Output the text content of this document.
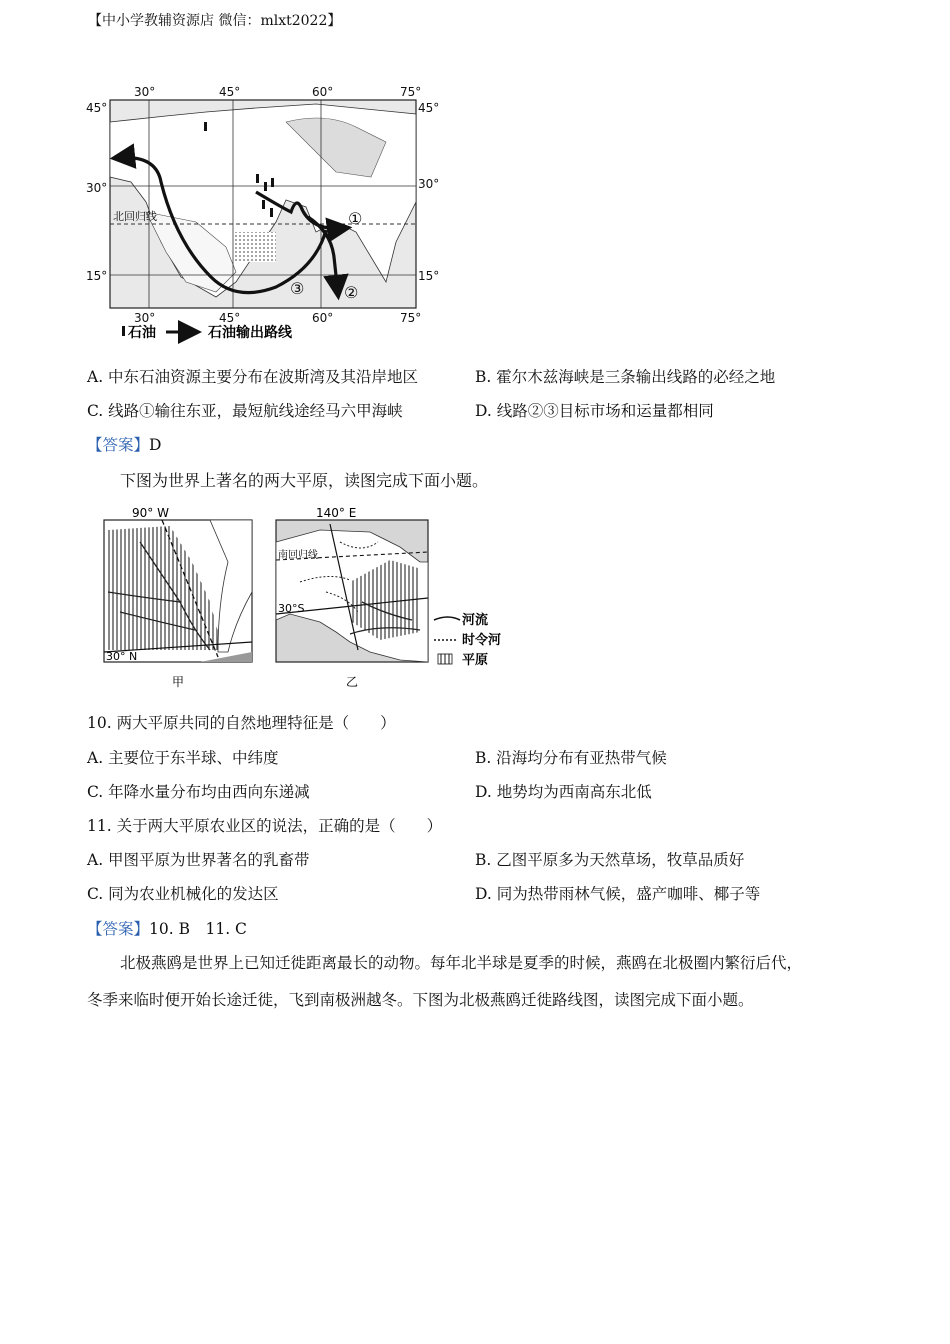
【中小学教辅资源店 微信：mlxt2022】
30°	45°	60°	75°
30°	45°	60°	75°
45°
30°
15°
45°
30°
15°
北回归线	①
②
③
石油	石油输出路线
A. 中东石油资源主要分布在波斯湾及其沿岸地区	B. 霍尔木兹海峡是三条输出线路的必经之地
C. 线路①输往东亚，最短航线途经马六甲海峡	D. 线路②③目标市场和运量都相同
【答案】D
下图为世界上著名的两大平原，读图完成下面小题。
90° W
30° N
甲
140° E
南回归线
30°S
乙
河流
时令河
平原
10. 两大平原共同的自然地理特征是（　　）
A. 主要位于东半球、中纬度	B. 沿海均分布有亚热带气候
C. 年降水量分布均由西向东递减	D. 地势均为西南高东北低
11. 关于两大平原农业区的说法，正确的是（　　）
A. 甲图平原为世界著名的乳畜带	B. 乙图平原多为天然草场，牧草品质好
C. 同为农业机械化的发达区	D. 同为热带雨林气候，盛产咖啡、椰子等
【答案】10. B　11. C
北极燕鸥是世界上已知迁徙距离最长的动物。每年北半球是夏季的时候，燕鸥在北极圈内繁衍后代，
冬季来临时便开始长途迁徙，飞到南极洲越冬。下图为北极燕鸥迁徙路线图，读图完成下面小题。
